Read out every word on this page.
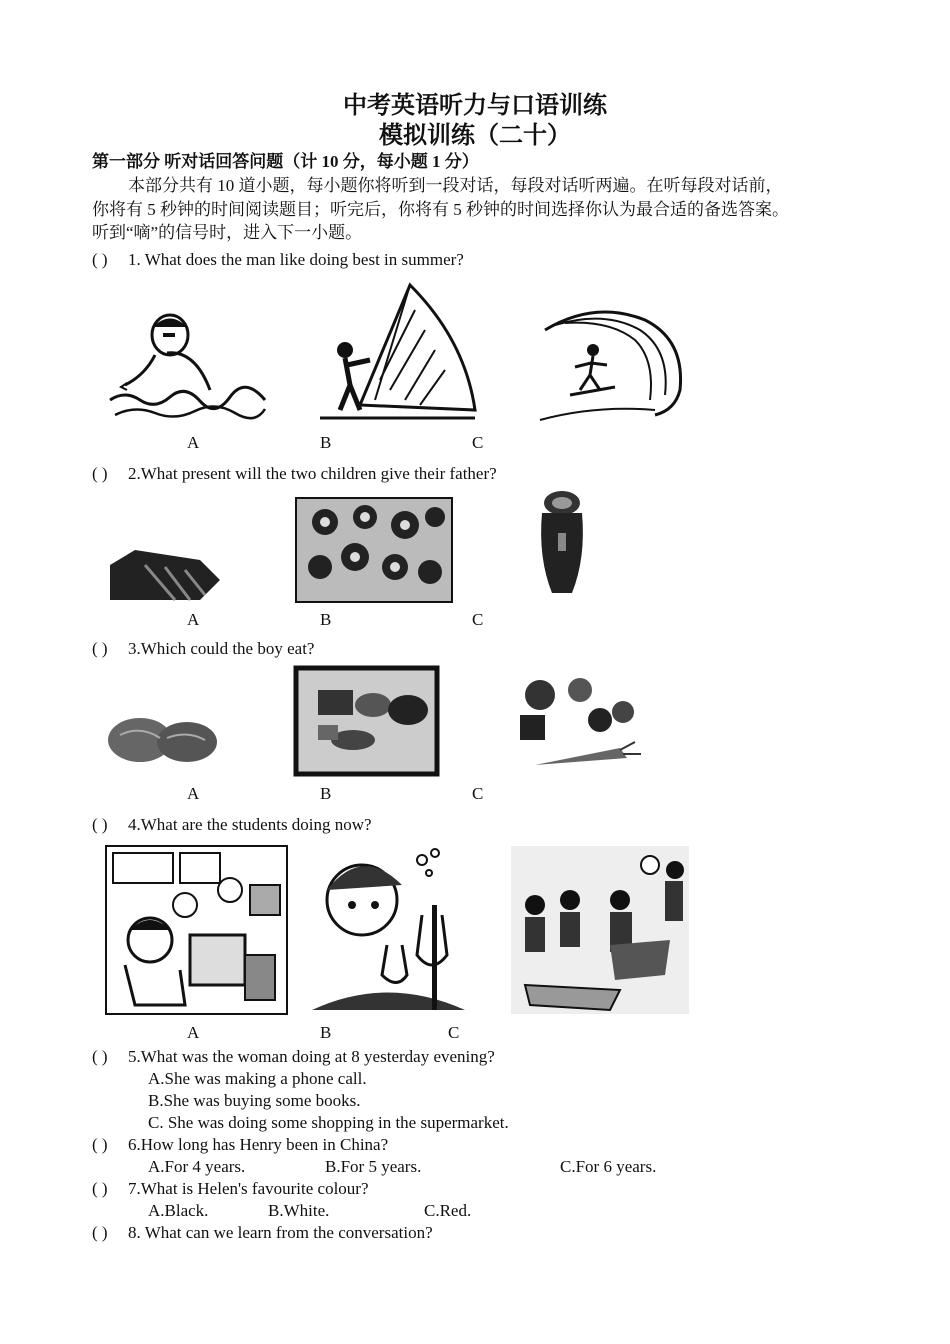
中考英语听力与口语训练
模拟训练（二十）
第一部分 听对话回答问题（计 10 分，每小题 1 分）
本部分共有 10 道小题，每小题你将听到一段对话，每段对话听两遍。在听每段对话前，
你将有 5 秒钟的时间阅读题目；听完后，你将有 5 秒钟的时间选择你认为最合适的备选答案。
听到“嘀”的信号时，进入下一小题。
( ) 1. What does the man like doing best in summer?
A	B	C
( ) 2.What present will the two children give their father?
A	B	C
( ) 3.Which could the boy eat?
A	B	C
( ) 4.What are the students doing now?
A	B	C
( ) 5.What was the woman doing at 8 yesterday evening?
A.She was making a phone call.
B.She was buying some books.
C. She was doing some shopping in the supermarket.
( ) 6.How long has Henry been in China?
A.For 4 years.	B.For 5 years.	C.For 6 years.
( ) 7.What is Helen's favourite colour?
A.Black.	B.White.	C.Red.
( ) 8. What can we learn from the conversation?
